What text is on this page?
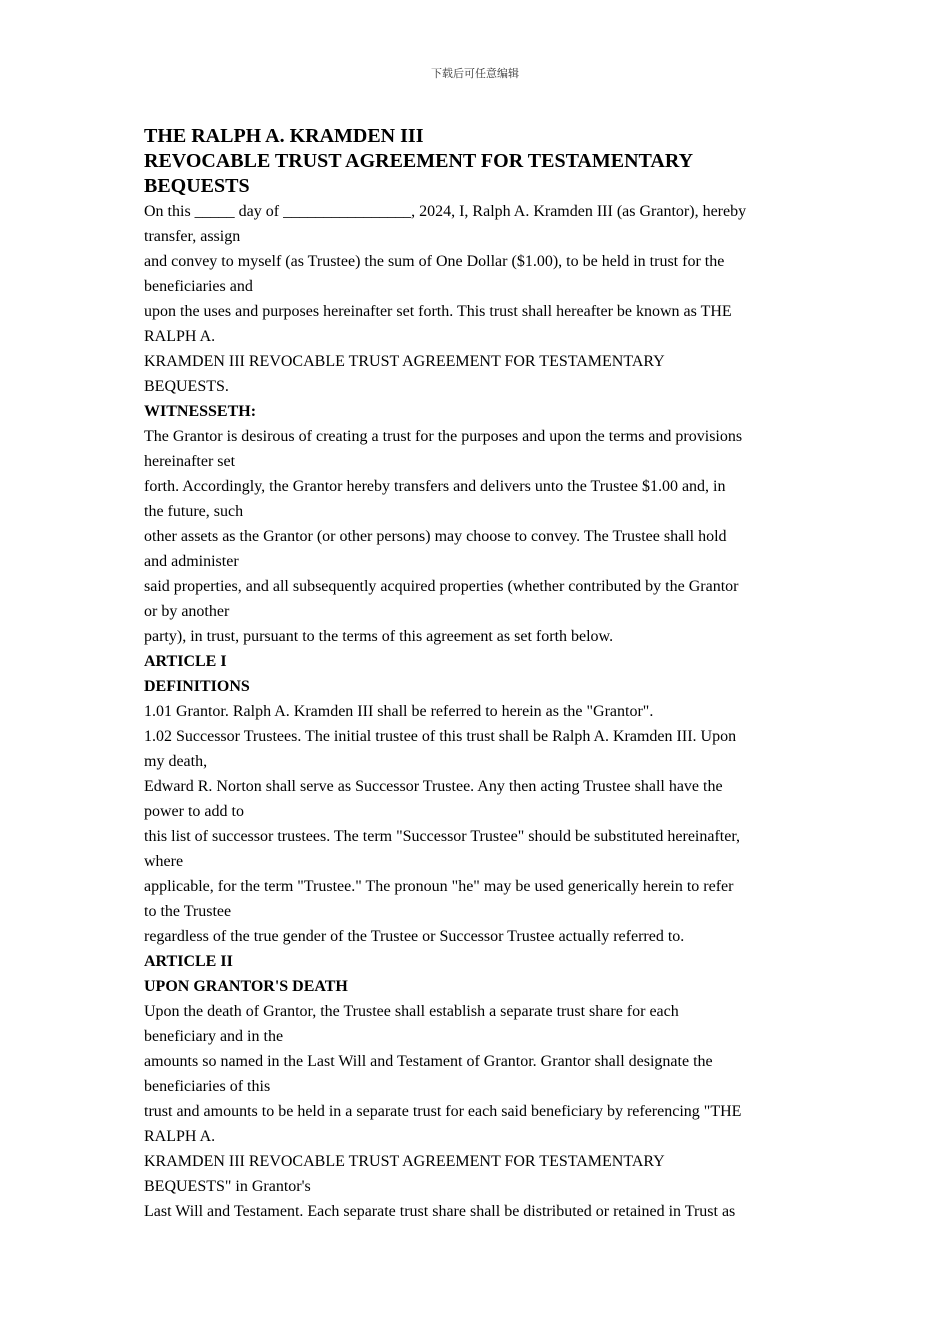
下载后可任意编辑

THE RALPH A. KRAMDEN III

REVOCABLE TRUST AGREEMENT FOR TESTAMENTARY

BEQUESTS

On this _____ day of ________________, 2024, I, Ralph A. Kramden III (as Grantor), hereby

transfer, assign

and convey to myself (as Trustee) the sum of One Dollar ($1.00), to be held in trust for the

beneficiaries and

upon the uses and purposes hereinafter set forth. This trust shall hereafter be known as THE

RALPH A.

KRAMDEN III REVOCABLE TRUST AGREEMENT FOR TESTAMENTARY

BEQUESTS.

WITNESSETH:

The Grantor is desirous of creating a trust for the purposes and upon the terms and provisions

hereinafter set

forth. Accordingly, the Grantor hereby transfers and delivers unto the Trustee $1.00 and, in

the future, such

other assets as the Grantor (or other persons) may choose to convey. The Trustee shall hold

and administer

said properties, and all subsequently acquired properties (whether contributed by the Grantor

or by another

party), in trust, pursuant to the terms of this agreement as set forth below.

ARTICLE I

DEFINITIONS

1.01 Grantor. Ralph A. Kramden III shall be referred to herein as the "Grantor".

1.02 Successor Trustees. The initial trustee of this trust shall be Ralph A. Kramden III. Upon

my death,

Edward R. Norton shall serve as Successor Trustee. Any then acting Trustee shall have the

power to add to

this list of successor trustees. The term "Successor Trustee" should be substituted hereinafter,

where

applicable, for the term "Trustee." The pronoun "he" may be used generically herein to refer

to the Trustee

regardless of the true gender of the Trustee or Successor Trustee actually referred to.

ARTICLE II

UPON GRANTOR'S DEATH

Upon the death of Grantor, the Trustee shall establish a separate trust share for each

beneficiary and in the

amounts so named in the Last Will and Testament of Grantor. Grantor shall designate the

beneficiaries of this

trust and amounts to be held in a separate trust for each said beneficiary by referencing "THE

RALPH A.

KRAMDEN III REVOCABLE TRUST AGREEMENT FOR TESTAMENTARY

BEQUESTS" in Grantor's

Last Will and Testament. Each separate trust share shall be distributed or retained in Trust as
